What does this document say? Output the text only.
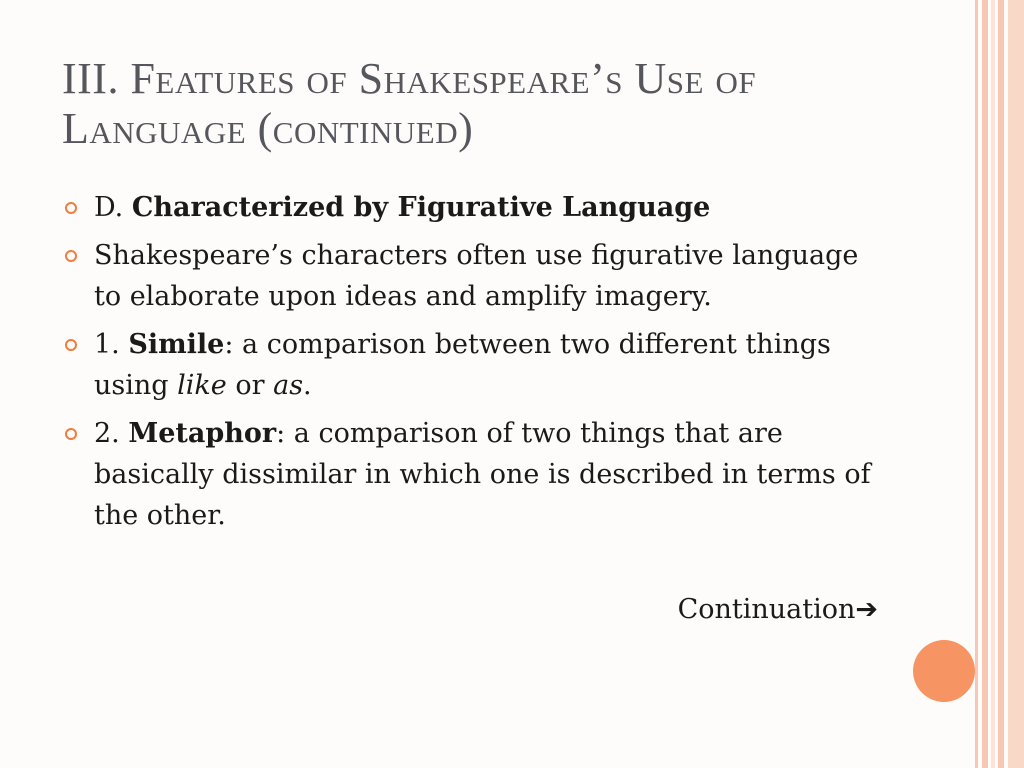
III. Features of Shakespeare’s Use of
Language (continued)
D. Characterized by Figurative Language
Shakespeare’s characters often use figurative language to elaborate upon ideas and amplify imagery.
1. Simile: a comparison between two different things using like or as.
2. Metaphor: a comparison of two things that are basically dissimilar in which one is described in terms of the other.
Continuation➔
